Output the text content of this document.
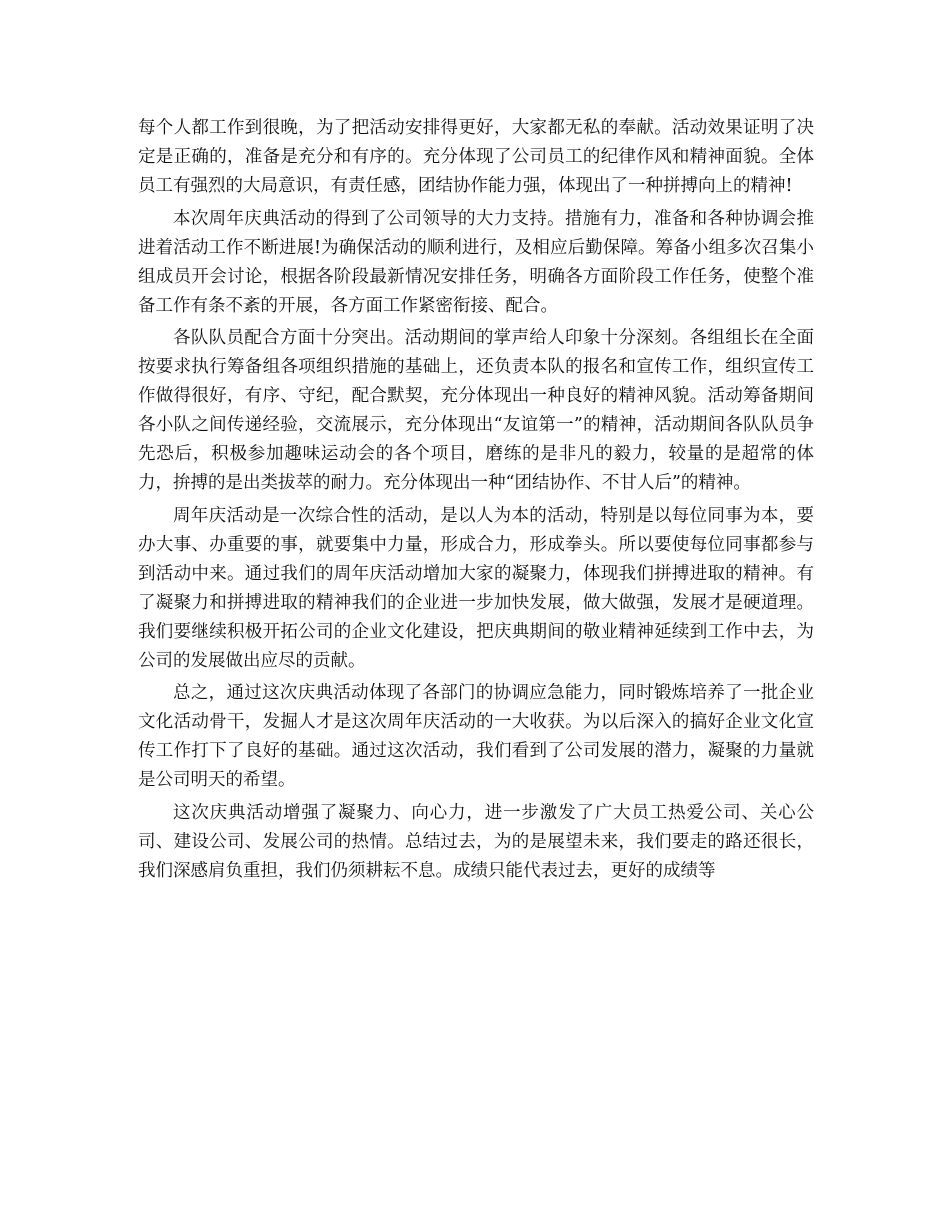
每个人都工作到很晚，为了把活动安排得更好，大家都无私的奉献。活动效果证明了决定是正确的，准备是充分和有序的。充分体现了公司员工的纪律作风和精神面貌。全体员工有强烈的大局意识，有责任感，团结协作能力强，体现出了一种拼搏向上的精神!

本次周年庆典活动的得到了公司领导的大力支持。措施有力，准备和各种协调会推进着活动工作不断进展!为确保活动的顺利进行，及相应后勤保障。筹备小组多次召集小组成员开会讨论，根据各阶段最新情况安排任务，明确各方面阶段工作任务，使整个准备工作有条不紊的开展，各方面工作紧密衔接、配合。

各队队员配合方面十分突出。活动期间的掌声给人印象十分深刻。各组组长在全面按要求执行筹备组各项组织措施的基础上，还负责本队的报名和宣传工作，组织宣传工作做得很好，有序、守纪，配合默契，充分体现出一种良好的精神风貌。活动筹备期间各小队之间传递经验，交流展示，充分体现出“友谊第一”的精神，活动期间各队队员争先恐后，积极参加趣味运动会的各个项目，磨练的是非凡的毅力，较量的是超常的体力，拚搏的是出类拔萃的耐力。充分体现出一种“团结协作、不甘人后”的精神。

周年庆活动是一次综合性的活动，是以人为本的活动，特别是以每位同事为本，要办大事、办重要的事，就要集中力量，形成合力，形成拳头。所以要使每位同事都参与到活动中来。通过我们的周年庆活动增加大家的凝聚力，体现我们拼搏进取的精神。有了凝聚力和拼搏进取的精神我们的企业进一步加快发展，做大做强，发展才是硬道理。我们要继续积极开拓公司的企业文化建设，把庆典期间的敬业精神延续到工作中去，为公司的发展做出应尽的贡献。

总之，通过这次庆典活动体现了各部门的协调应急能力，同时锻炼培养了一批企业文化活动骨干，发掘人才是这次周年庆活动的一大收获。为以后深入的搞好企业文化宣传工作打下了良好的基础。通过这次活动，我们看到了公司发展的潜力，凝聚的力量就是公司明天的希望。

这次庆典活动增强了凝聚力、向心力，进一步激发了广大员工热爱公司、关心公司、建设公司、发展公司的热情。总结过去，为的是展望未来，我们要走的路还很长，我们深感肩负重担，我们仍须耕耘不息。成绩只能代表过去，更好的成绩等
